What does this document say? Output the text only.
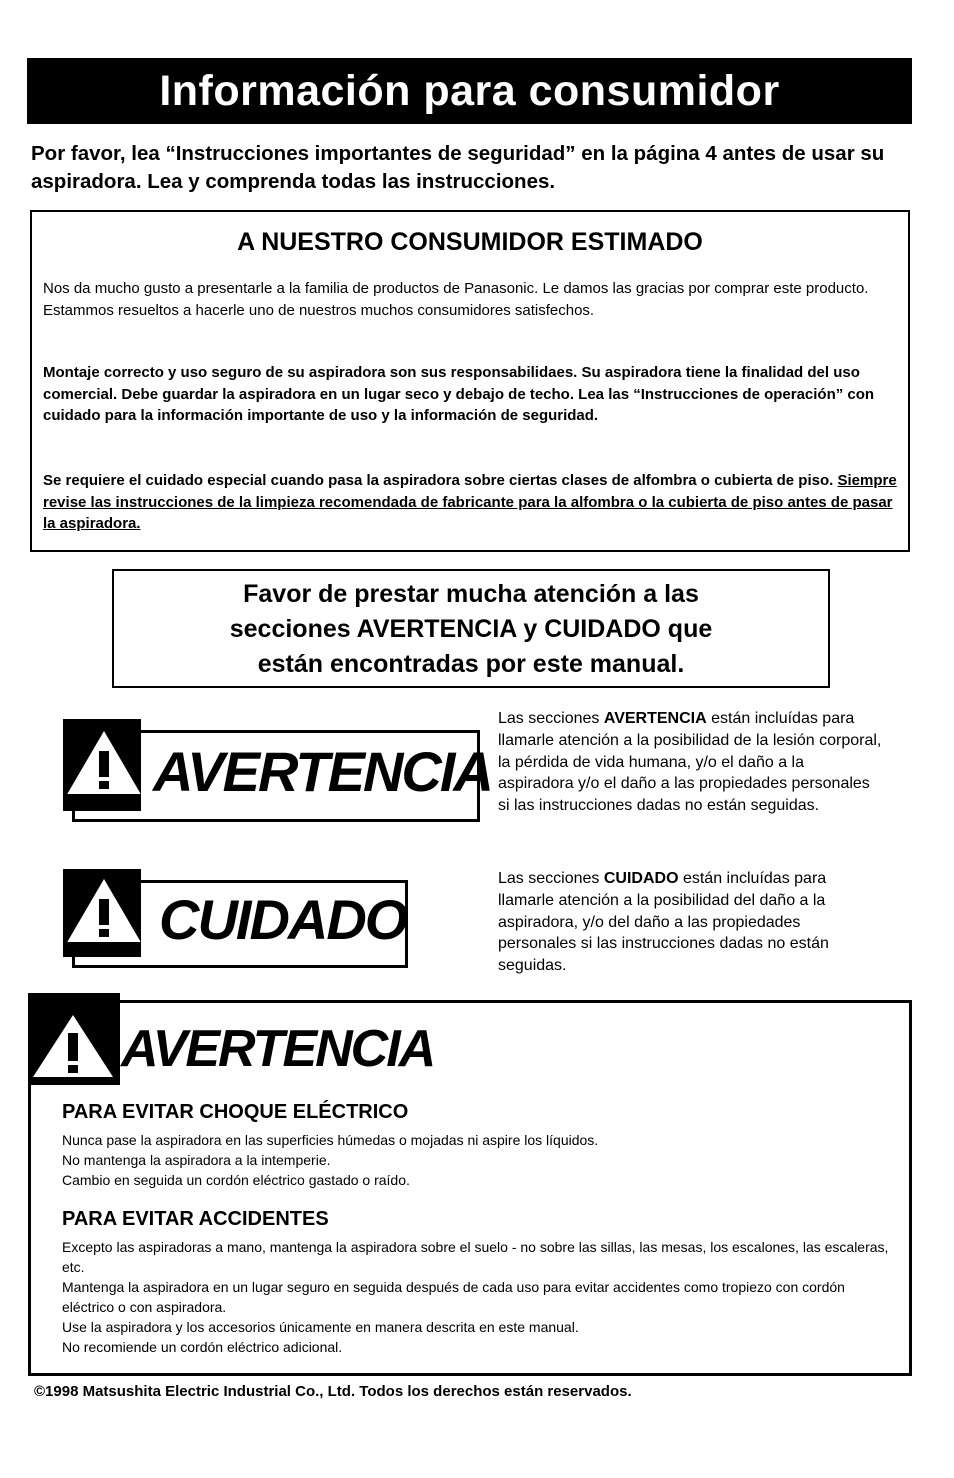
Información para consumidor
Por favor, lea “Instrucciones importantes de seguridad” en la página 4 antes de usar su aspiradora. Lea y comprenda todas las instrucciones.
A NUESTRO CONSUMIDOR ESTIMADO
Nos da mucho gusto a presentarle a la familia de productos de Panasonic. Le damos las gracias por comprar este producto. Estammos resueltos a hacerle uno de nuestros muchos consumidores satisfechos.
Montaje correcto y uso seguro de su aspiradora son sus responsabilidaes. Su aspiradora tiene la finalidad del uso comercial. Debe guardar la aspiradora en un lugar seco y debajo de techo. Lea las “Instrucciones de operación” con cuidado para la información importante de uso y la información de seguridad.
Se requiere el cuidado especial cuando pasa la aspiradora sobre ciertas clases de alfombra o cubierta de piso. Siempre revise las instrucciones de la limpieza recomendada de fabricante para la alfombra o la cubierta de piso antes de pasar la aspiradora.
Favor de prestar mucha atención a las
secciones AVERTENCIA y CUIDADO que
están encontradas por este manual.
AVERTENCIA
Las secciones AVERTENCIA están incluídas para llamarle atención a la posibilidad de la lesión corporal, la pérdida de vida humana, y/o el daño a la aspiradora y/o el daño a las propiedades personales si las instrucciones dadas no están seguidas.
CUIDADO
Las secciones CUIDADO están incluídas para llamarle atención a la posibilidad del daño a la aspiradora, y/o del daño a las propiedades personales si las instrucciones dadas no están seguidas.
AVERTENCIA
PARA EVITAR CHOQUE ELÉCTRICO
Nunca pase la aspiradora en las superficies húmedas o mojadas ni aspire los líquidos.
No mantenga la aspiradora a la intemperie.
Cambio en seguida un cordón eléctrico gastado o raído.
PARA EVITAR ACCIDENTES
Excepto las aspiradoras a mano, mantenga la aspiradora sobre el suelo - no sobre las sillas, las mesas, los escalones, las escaleras, etc.
Mantenga la aspiradora en un lugar seguro en seguida después de cada uso para evitar accidentes como tropiezo con cordón eléctrico o con aspiradora.
Use la aspiradora y los accesorios únicamente en manera descrita en este manual.
No recomiende un cordón eléctrico adicional.
©1998 Matsushita Electric Industrial Co., Ltd. Todos los derechos están reservados.
